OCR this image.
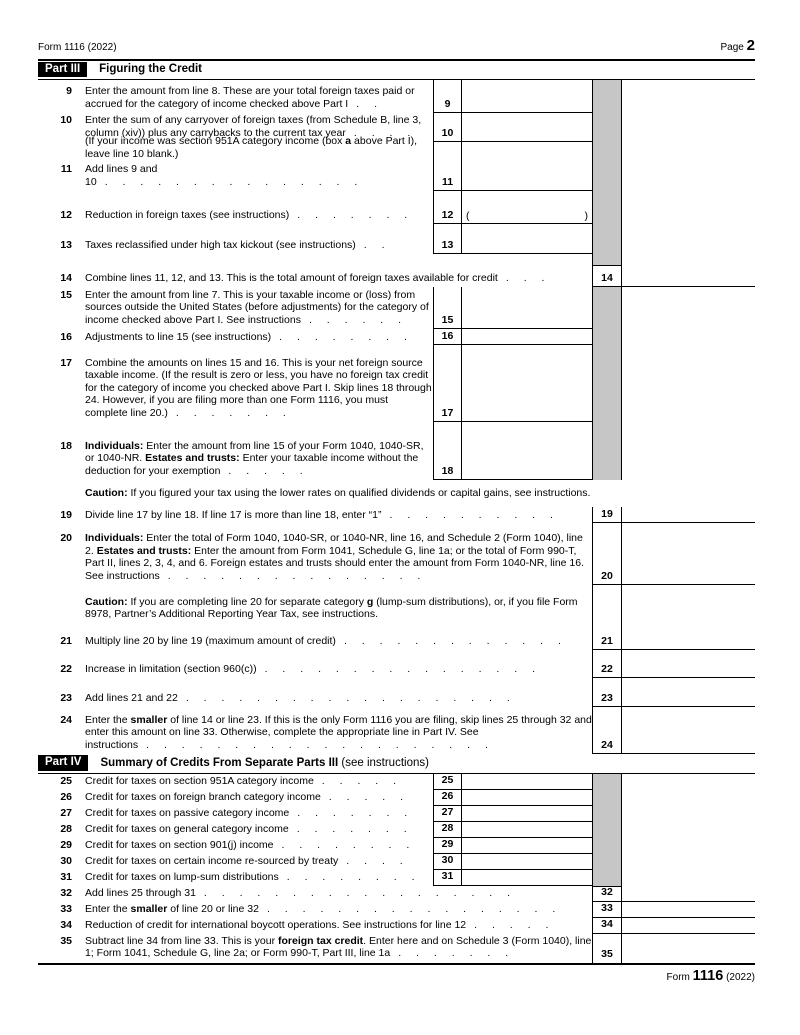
Form 1116 (2022)	Page 2
Part III	Figuring the Credit
9	Enter the amount from line 8. These are your total foreign taxes paid or accrued for the category of income checked above Part I . .	9
10	Enter the sum of any carryover of foreign taxes (from Schedule B, line 3, column (xiv)) plus any carrybacks to the current tax year . . . .	10
(If your income was section 951A category income (box a above Part I), leave line 10 blank.)
11	Add lines 9 and 10 . . . . . . . . . . . . . . .	11
12	Reduction in foreign taxes (see instructions) . . . . . . .	12	(	)
13	Taxes reclassified under high tax kickout (see instructions) . .	13
14	Combine lines 11, 12, and 13. This is the total amount of foreign taxes available for credit . . .	14
15	Enter the amount from line 7. This is your taxable income or (loss) from sources outside the United States (before adjustments) for the category of income checked above Part I. See instructions . . . . . .	15
16	Adjustments to line 15 (see instructions) . . . . . . . .	16
17	Combine the amounts on lines 15 and 16. This is your net foreign source taxable income. (If the result is zero or less, you have no foreign tax credit for the category of income you checked above Part I. Skip lines 18 through 24. However, if you are filing more than one Form 1116, you must complete line 20.) . . . . . . .	17
18	Individuals: Enter the amount from line 15 of your Form 1040, 1040-SR, or 1040-NR. Estates and trusts: Enter your taxable income without the deduction for your exemption . . . . .	18
Caution: If you figured your tax using the lower rates on qualified dividends or capital gains, see instructions.
19	Divide line 17 by line 18. If line 17 is more than line 18, enter “1” . . . . . . . . . .	19
20	Individuals: Enter the total of Form 1040, 1040-SR, or 1040-NR, line 16, and Schedule 2 (Form 1040), line 2. Estates and trusts: Enter the amount from Form 1041, Schedule G, line 1a; or the total of Form 990-T, Part II, lines 2, 3, 4, and 6. Foreign estates and trusts should enter the amount from Form 1040-NR, line 16. See instructions . . . . . . . . . . . . . . .	20
Caution: If you are completing line 20 for separate category g (lump-sum distributions), or, if you file Form 8978, Partner’s Additional Reporting Year Tax, see instructions.
21	Multiply line 20 by line 19 (maximum amount of credit) . . . . . . . . . . . . .	21
22	Increase in limitation (section 960(c)) . . . . . . . . . . . . . . . .	22
23	Add lines 21 and 22 . . . . . . . . . . . . . . . . . . .	23
24	Enter the smaller of line 14 or line 23. If this is the only Form 1116 you are filing, skip lines 25 through 32 and enter this amount on line 33. Otherwise, complete the appropriate line in Part IV. See instructions . . . . . . . . . . . . . . . . . . . .	24
Part IV	Summary of Credits From Separate Parts III (see instructions)
25	Credit for taxes on section 951A category income . . . . .	25
26	Credit for taxes on foreign branch category income . . . . .	26
27	Credit for taxes on passive category income . . . . . . .	27
28	Credit for taxes on general category income . . . . . . .	28
29	Credit for taxes on section 901(j) income . . . . . . . .	29
30	Credit for taxes on certain income re-sourced by treaty . . . .	30
31	Credit for taxes on lump-sum distributions . . . . . . . .	31
32	Add lines 25 through 31 . . . . . . . . . . . . . . . . . .	32
33	Enter the smaller of line 20 or line 32 . . . . . . . . . . . . . . . . .	33
34	Reduction of credit for international boycott operations. See instructions for line 12 . . . . .	34
35	Subtract line 34 from line 33. This is your foreign tax credit. Enter here and on Schedule 3 (Form 1040), line 1; Form 1041, Schedule G, line 2a; or Form 990-T, Part III, line 1a . . . . . . .	35
Form 1116 (2022)
